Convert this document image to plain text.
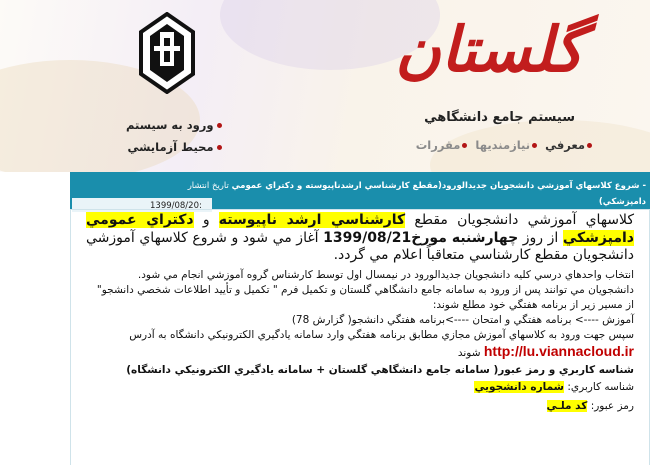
گلستان
سيستم جامع دانشگاهي
معرفي
نيازمنديها
مقررات
ورود به سيستم
محيط آزمايشي
- شروع كلاسهاي آموزشي دانشجويان جديدالورود(مقطع كارشناسي ارشدناپيوسته و دكتراي عمومي تاريخ انتشار
دامپزشكي)
1399/08/20:
كلاسهاي آموزشي دانشجويان مقطع كارشناسي ارشد ناپيوسته و دكتراي عمومي دامپزشكي از روز چهارشنبه مورخ1399/08/21 آغاز مي شود و شروع كلاسهاي آموزشي دانشجويان مقطع كارشناسي متعاقباً اعلام مي گردد.
انتخاب واحدهاي درسي كليه دانشجويان جديدالورود در نيمسال اول توسط كارشناس گروه آموزشي انجام مي شود.
دانشجويان مي توانند پس از ورود به سامانه جامع دانشگاهي گلستان و تكميل فرم " تكميل و تأييد اطلاعات شخصي دانشجو" از مسير زير از برنامه هفتگي خود مطلع شوند:
آموزش ----> برنامه هفتگي و امتحان ---->برنامه هفتگي دانشجو( گزارش 78)
سپس جهت ورود به كلاسهاي آموزش مجازي مطابق برنامه هفتگي وارد سامانه يادگيري الكترونيكي دانشگاه به آدرس
http://lu.viannacloud.ir شوند
شناسه كاربري و رمز عبور( سامانه جامع دانشگاهي گلستان + سامانه يادگيري الكترونيكي دانشگاه)
شناسه كاربري: شماره دانشجويي
رمز عبور: كد ملـي
